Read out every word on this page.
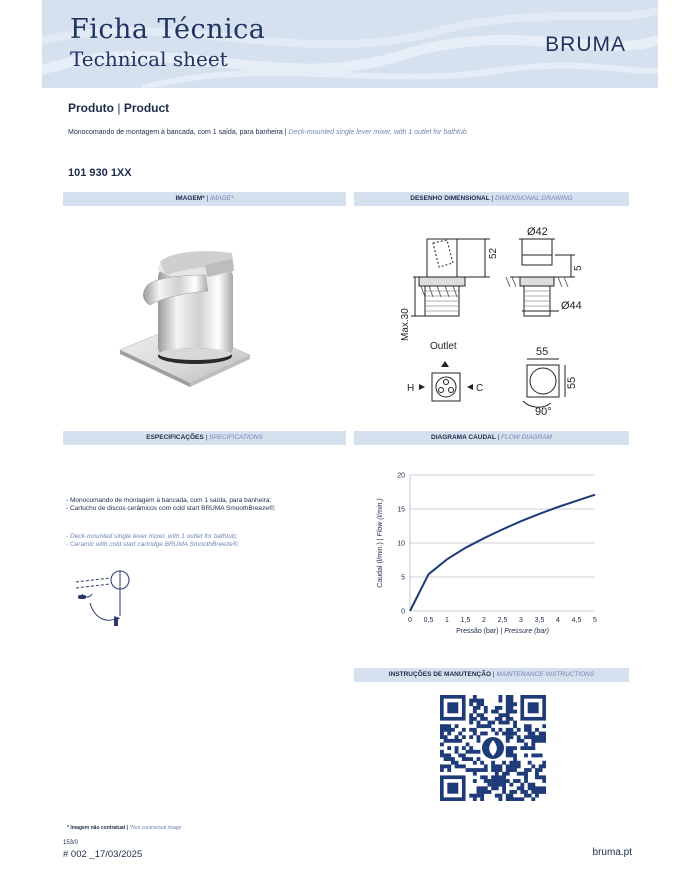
Ficha Técnica
Technical sheet
BRUMA
Produto | Product
Monocomando de montagem à bancada, com 1 saída, para banheira | Deck-mounted single lever mixer, with 1 outlet for bathtub
101 930 1XX
IMAGEM* | IMAGE*	DESENHO DIMENSIONAL | DIMENSIONAL DRAWING
Ø42
52
5
Ø44
Max.30
Outlet
H	C
55
55
90°
ESPECIFICAÇÕES | SPECIFICATIONS	DIAGRAMA CAUDAL | FLOW DIAGRAM
- Monocomando de montagem à bancada, com 1 saída, para banheira;
- Cartucho de discos cerâmicos com cold start BRUMA SmoothBreeze®;
- Deck-mounted single lever mixer, with 1 outlet for bathtub;
- Ceramic with cold start cartridge BRUMA SmoothBreeze®;
0
5
10
15
20
0 0,5 1 1,5 2 2,5 3 3,5 4 4,5 5
Pressão (bar) | Pressure (bar)
Caudal (l/min.) | Flow (l/min.)
INSTRUÇÕES DE MANUTENÇÃO | MAINTENANCE INSTRUCTIONS
* Imagem não contratual | *Non contractual image
153/0
# 002 _17/03/2025	bruma.pt
